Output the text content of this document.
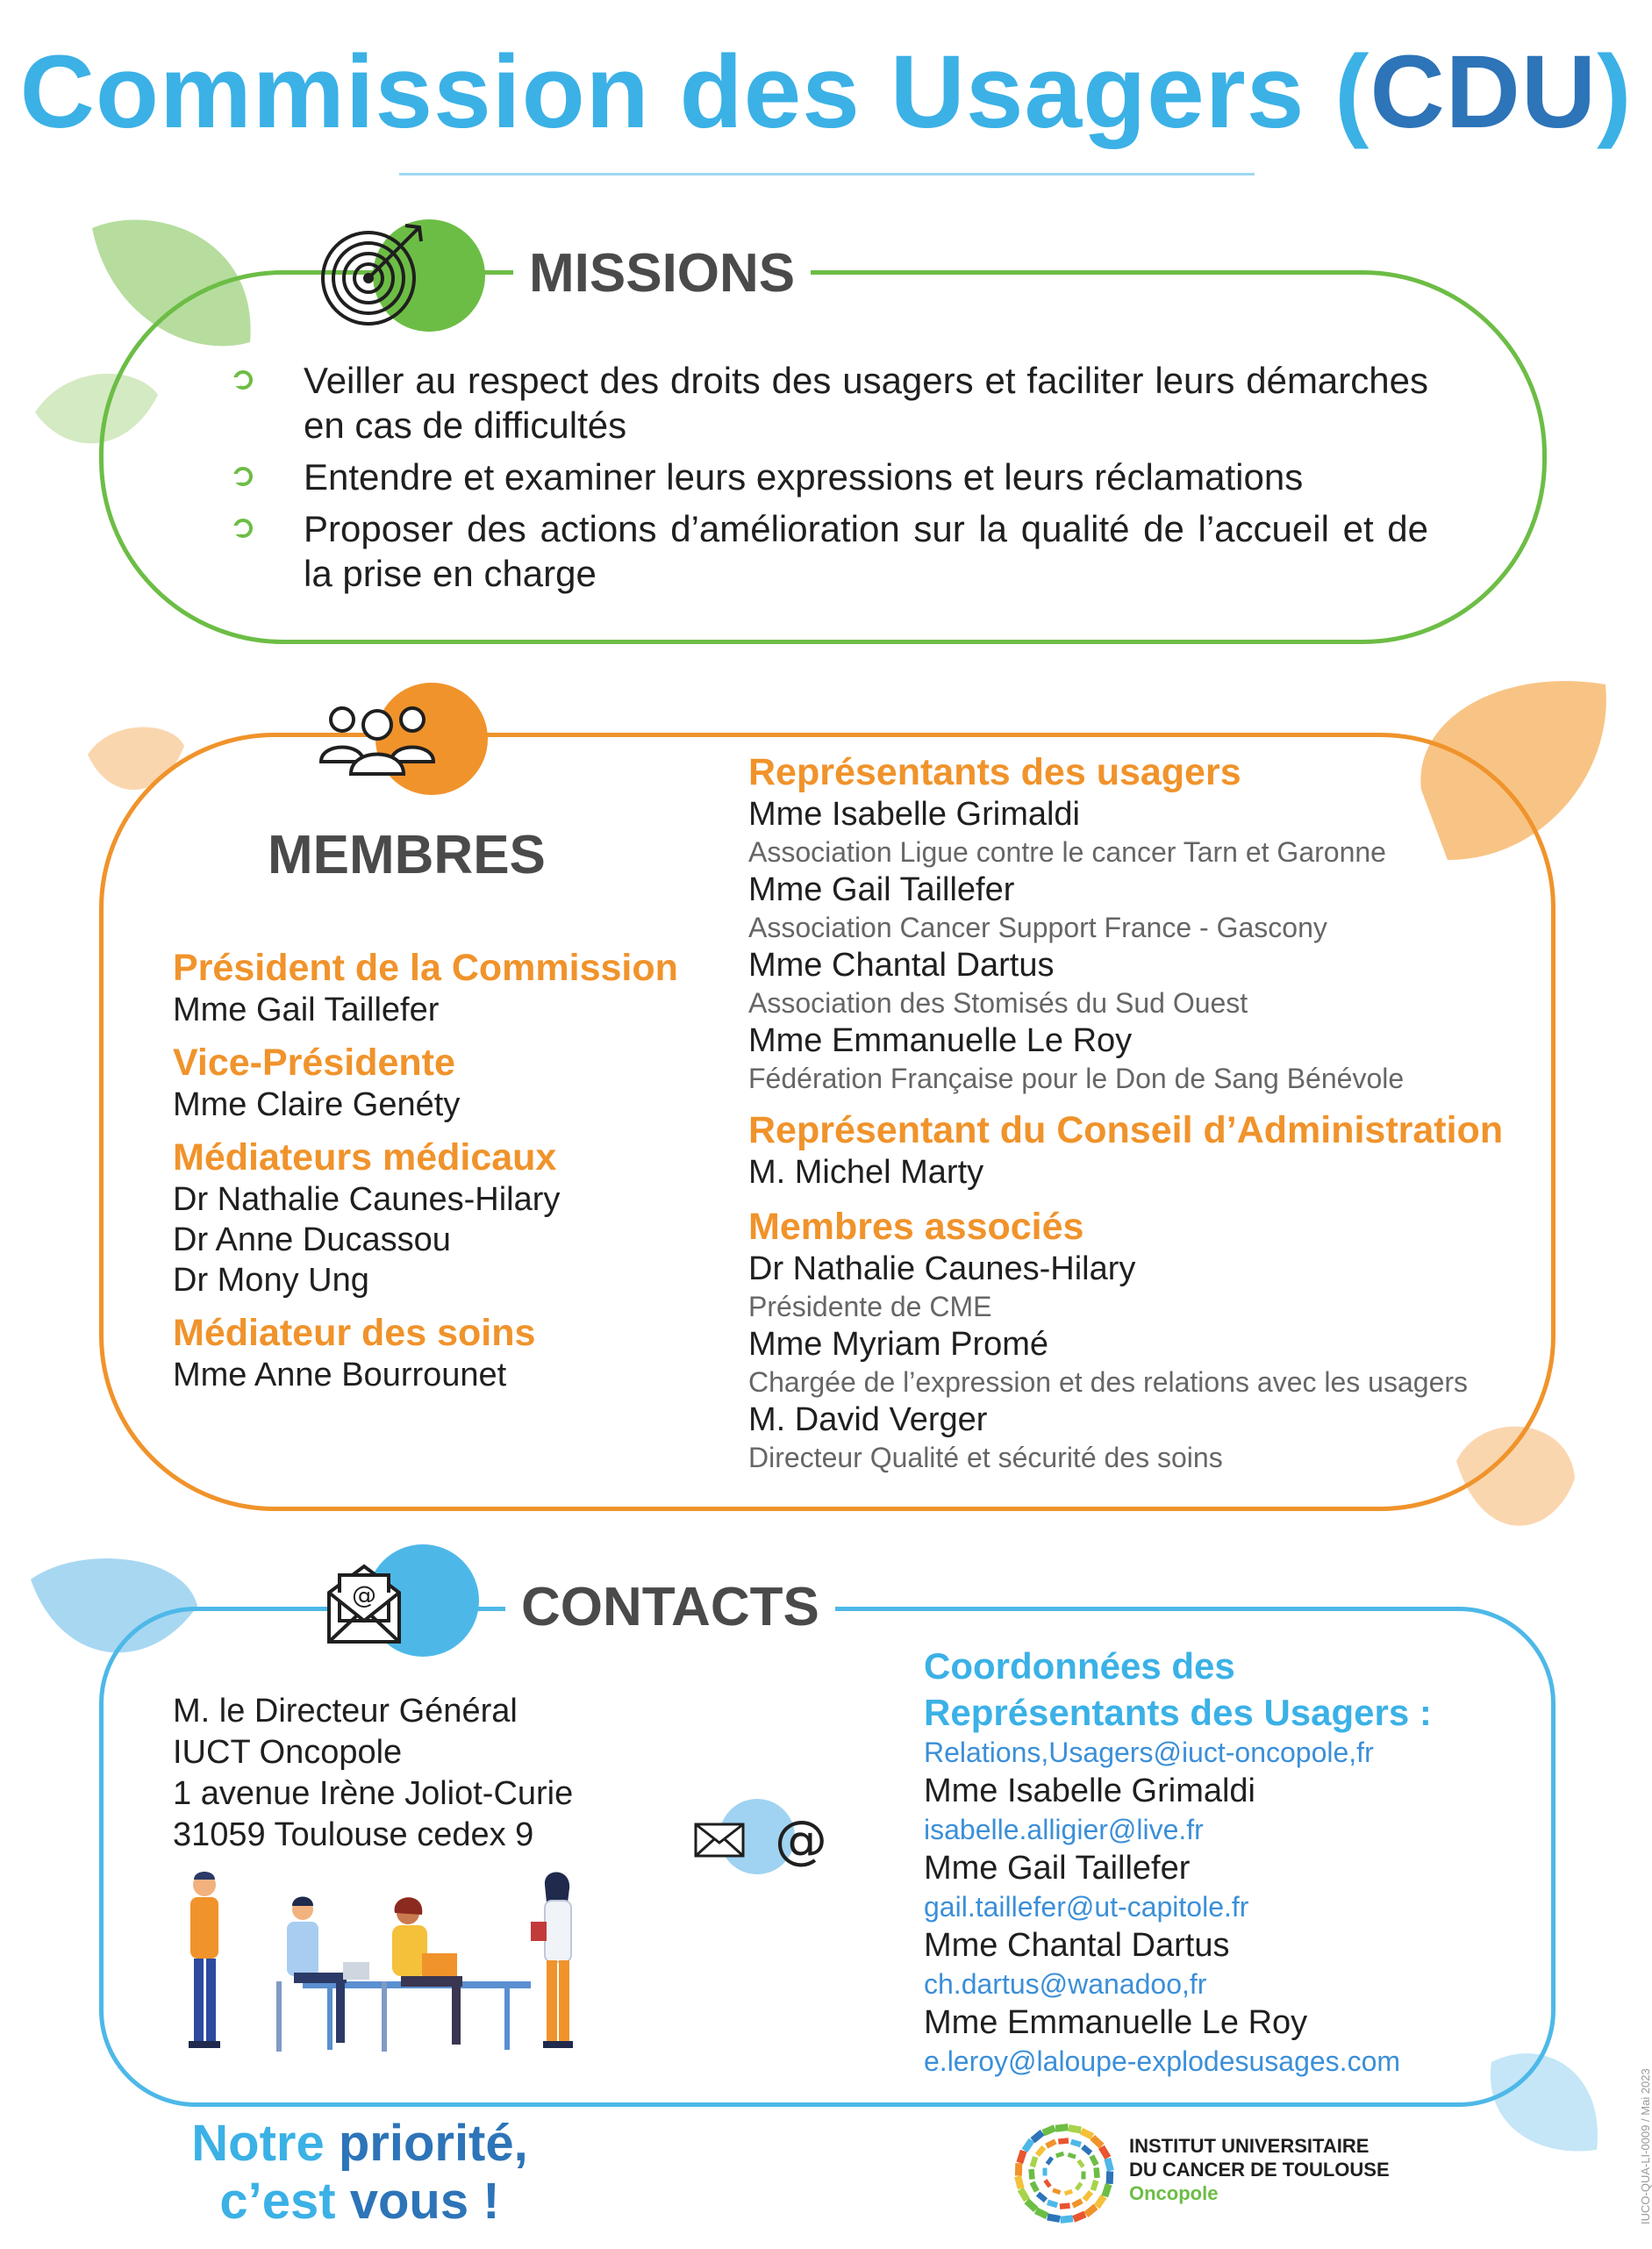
Commission des Usagers (CDU)
MISSIONS
Veiller au respect des droits des usagers et faciliter leurs démarches en cas de difficultés
Entendre et examiner leurs expressions et leurs réclamations
Proposer des actions d’amélioration sur la qualité de l’accueil et de la prise en charge
MEMBRES
Président de la Commission
Mme Gail Taillefer
Vice-Présidente
Mme Claire Genéty
Médiateurs médicaux
Dr Nathalie Caunes-Hilary
Dr Anne Ducassou
Dr Mony Ung
Médiateur des soins
Mme Anne Bourrounet
Représentants des usagers
Mme Isabelle Grimaldi
Association Ligue contre le cancer Tarn et Garonne
Mme Gail Taillefer
Association Cancer Support France - Gascony
Mme Chantal Dartus
Association des Stomisés du Sud Ouest
Mme Emmanuelle Le Roy
Fédération Française pour le Don de Sang Bénévole
Représentant du Conseil d’Administration
M. Michel Marty
Membres associés
Dr Nathalie Caunes-Hilary
Présidente de CME
Mme Myriam Promé
Chargée de l’expression et des relations avec les usagers
M. David Verger
Directeur Qualité et sécurité des soins
@	CONTACTS
M. le Directeur Général
IUCT Oncopole
1 avenue Irène Joliot-Curie
31059 Toulouse cedex 9	@
Coordonnées des
Représentants des Usagers :
Relations,Usagers@iuct-oncopole,fr
Mme Isabelle Grimaldi
isabelle.alligier@live.fr
Mme Gail Taillefer
gail.taillefer@ut-capitole.fr
Mme Chantal Dartus
ch.dartus@wanadoo,fr
Mme Emmanuelle Le Roy
e.leroy@laloupe-explodesusages.com
Notre priorité,
c’est vous !
INSTITUT UNIVERSITAIRE
DU CANCER DE TOULOUSE
Oncopole	IUCO-QUA-LI-0009 / Mai 2023
